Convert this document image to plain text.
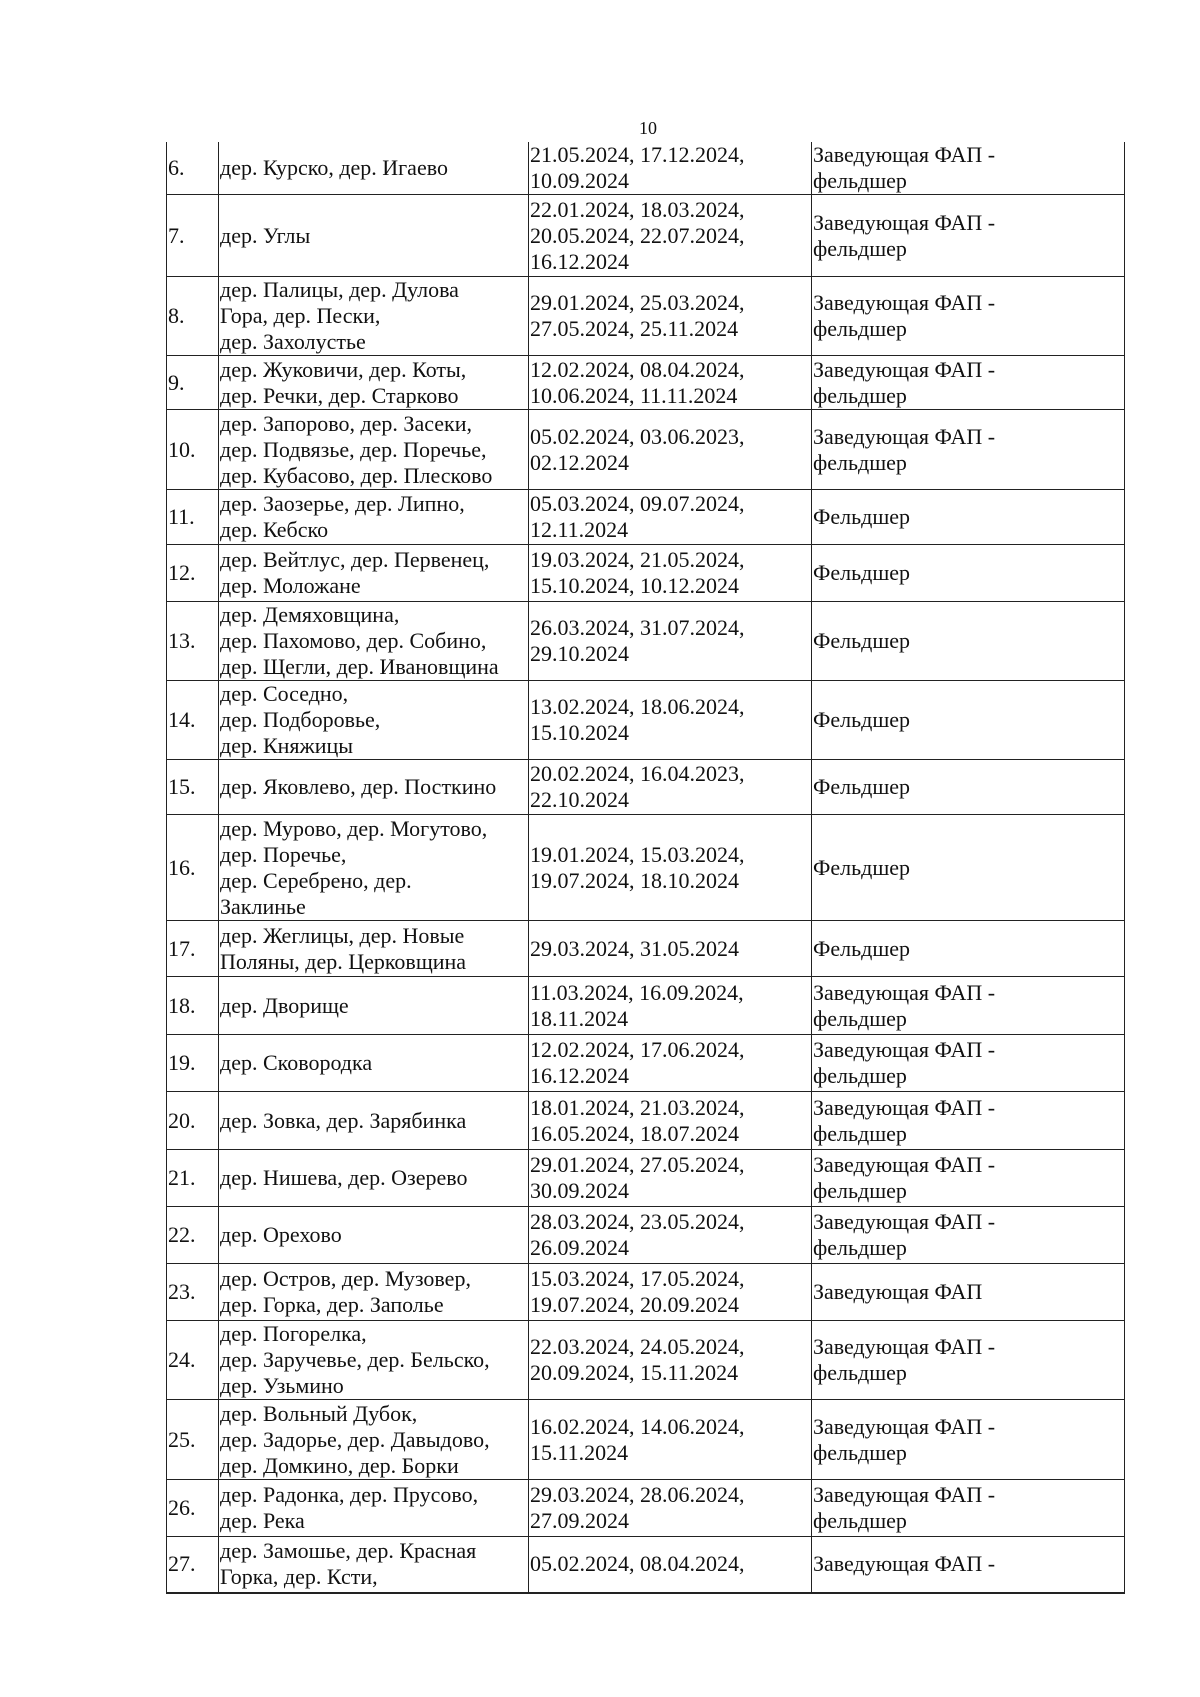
10
6.	дер. Курско, дер. Игаево	21.05.2024, 17.12.2024,
10.09.2024	Заведующая ФАП -
фельдшер
7.	дер. Углы	22.01.2024, 18.03.2024,
20.05.2024, 22.07.2024,
16.12.2024	Заведующая ФАП -
фельдшер
8.	дер. Палицы, дер. Дулова
Гора, дер. Пески,
дер. Захолустье	29.01.2024, 25.03.2024,
27.05.2024, 25.11.2024	Заведующая ФАП -
фельдшер
9.	дер. Жуковичи, дер. Коты,
дер. Речки, дер. Старково	12.02.2024, 08.04.2024,
10.06.2024, 11.11.2024	Заведующая ФАП -
фельдшер
10.	дер. Запорово, дер. Засеки,
дер. Подвязье, дер. Поречье,
дер. Кубасово, дер. Плесково	05.02.2024, 03.06.2023,
02.12.2024	Заведующая ФАП -
фельдшер
11.	дер. Заозерье, дер. Липно,
дер. Кебско	05.03.2024, 09.07.2024,
12.11.2024	Фельдшер
12.	дер. Вейтлус, дер. Первенец,
дер. Моложане	19.03.2024, 21.05.2024,
15.10.2024, 10.12.2024	Фельдшер
13.	дер. Демяховщина,
дер. Пахомово, дер. Собино,
дер. Щегли, дер. Ивановщина	26.03.2024, 31.07.2024,
29.10.2024	Фельдшер
14.	дер. Соседно,
дер. Подборовье,
дер. Княжицы	13.02.2024, 18.06.2024,
15.10.2024	Фельдшер
15.	дер. Яковлево, дер. Посткино	20.02.2024, 16.04.2023,
22.10.2024	Фельдшер
16.	дер. Мурово, дер. Могутово,
дер. Поречье,
дер. Серебрено, дер.
Заклинье	19.01.2024, 15.03.2024,
19.07.2024, 18.10.2024	Фельдшер
17.	дер. Жеглицы, дер. Новые
Поляны, дер. Церковщина	29.03.2024, 31.05.2024	Фельдшер
18.	дер. Дворище	11.03.2024, 16.09.2024,
18.11.2024	Заведующая ФАП -
фельдшер
19.	дер. Сковородка	12.02.2024, 17.06.2024,
16.12.2024	Заведующая ФАП -
фельдшер
20.	дер. Зовка, дер. Зарябинка	18.01.2024, 21.03.2024,
16.05.2024, 18.07.2024	Заведующая ФАП -
фельдшер
21.	дер. Нишева, дер. Озерево	29.01.2024, 27.05.2024,
30.09.2024	Заведующая ФАП -
фельдшер
22.	дер. Орехово	28.03.2024, 23.05.2024,
26.09.2024	Заведующая ФАП -
фельдшер
23.	дер. Остров, дер. Музовер,
дер. Горка, дер. Заполье	15.03.2024, 17.05.2024,
19.07.2024, 20.09.2024	Заведующая ФАП
24.	дер. Погорелка,
дер. Заручевье, дер. Бельско,
дер. Узьмино	22.03.2024, 24.05.2024,
20.09.2024, 15.11.2024	Заведующая ФАП -
фельдшер
25.	дер. Вольный Дубок,
дер. Задорье, дер. Давыдово,
дер. Домкино, дер. Борки	16.02.2024, 14.06.2024,
15.11.2024	Заведующая ФАП -
фельдшер
26.	дер. Радонка, дер. Прусово,
дер. Река	29.03.2024, 28.06.2024,
27.09.2024	Заведующая ФАП -
фельдшер
27.	дер. Замошье, дер. Красная
Горка, дер. Ксти,	05.02.2024, 08.04.2024,	Заведующая ФАП -
